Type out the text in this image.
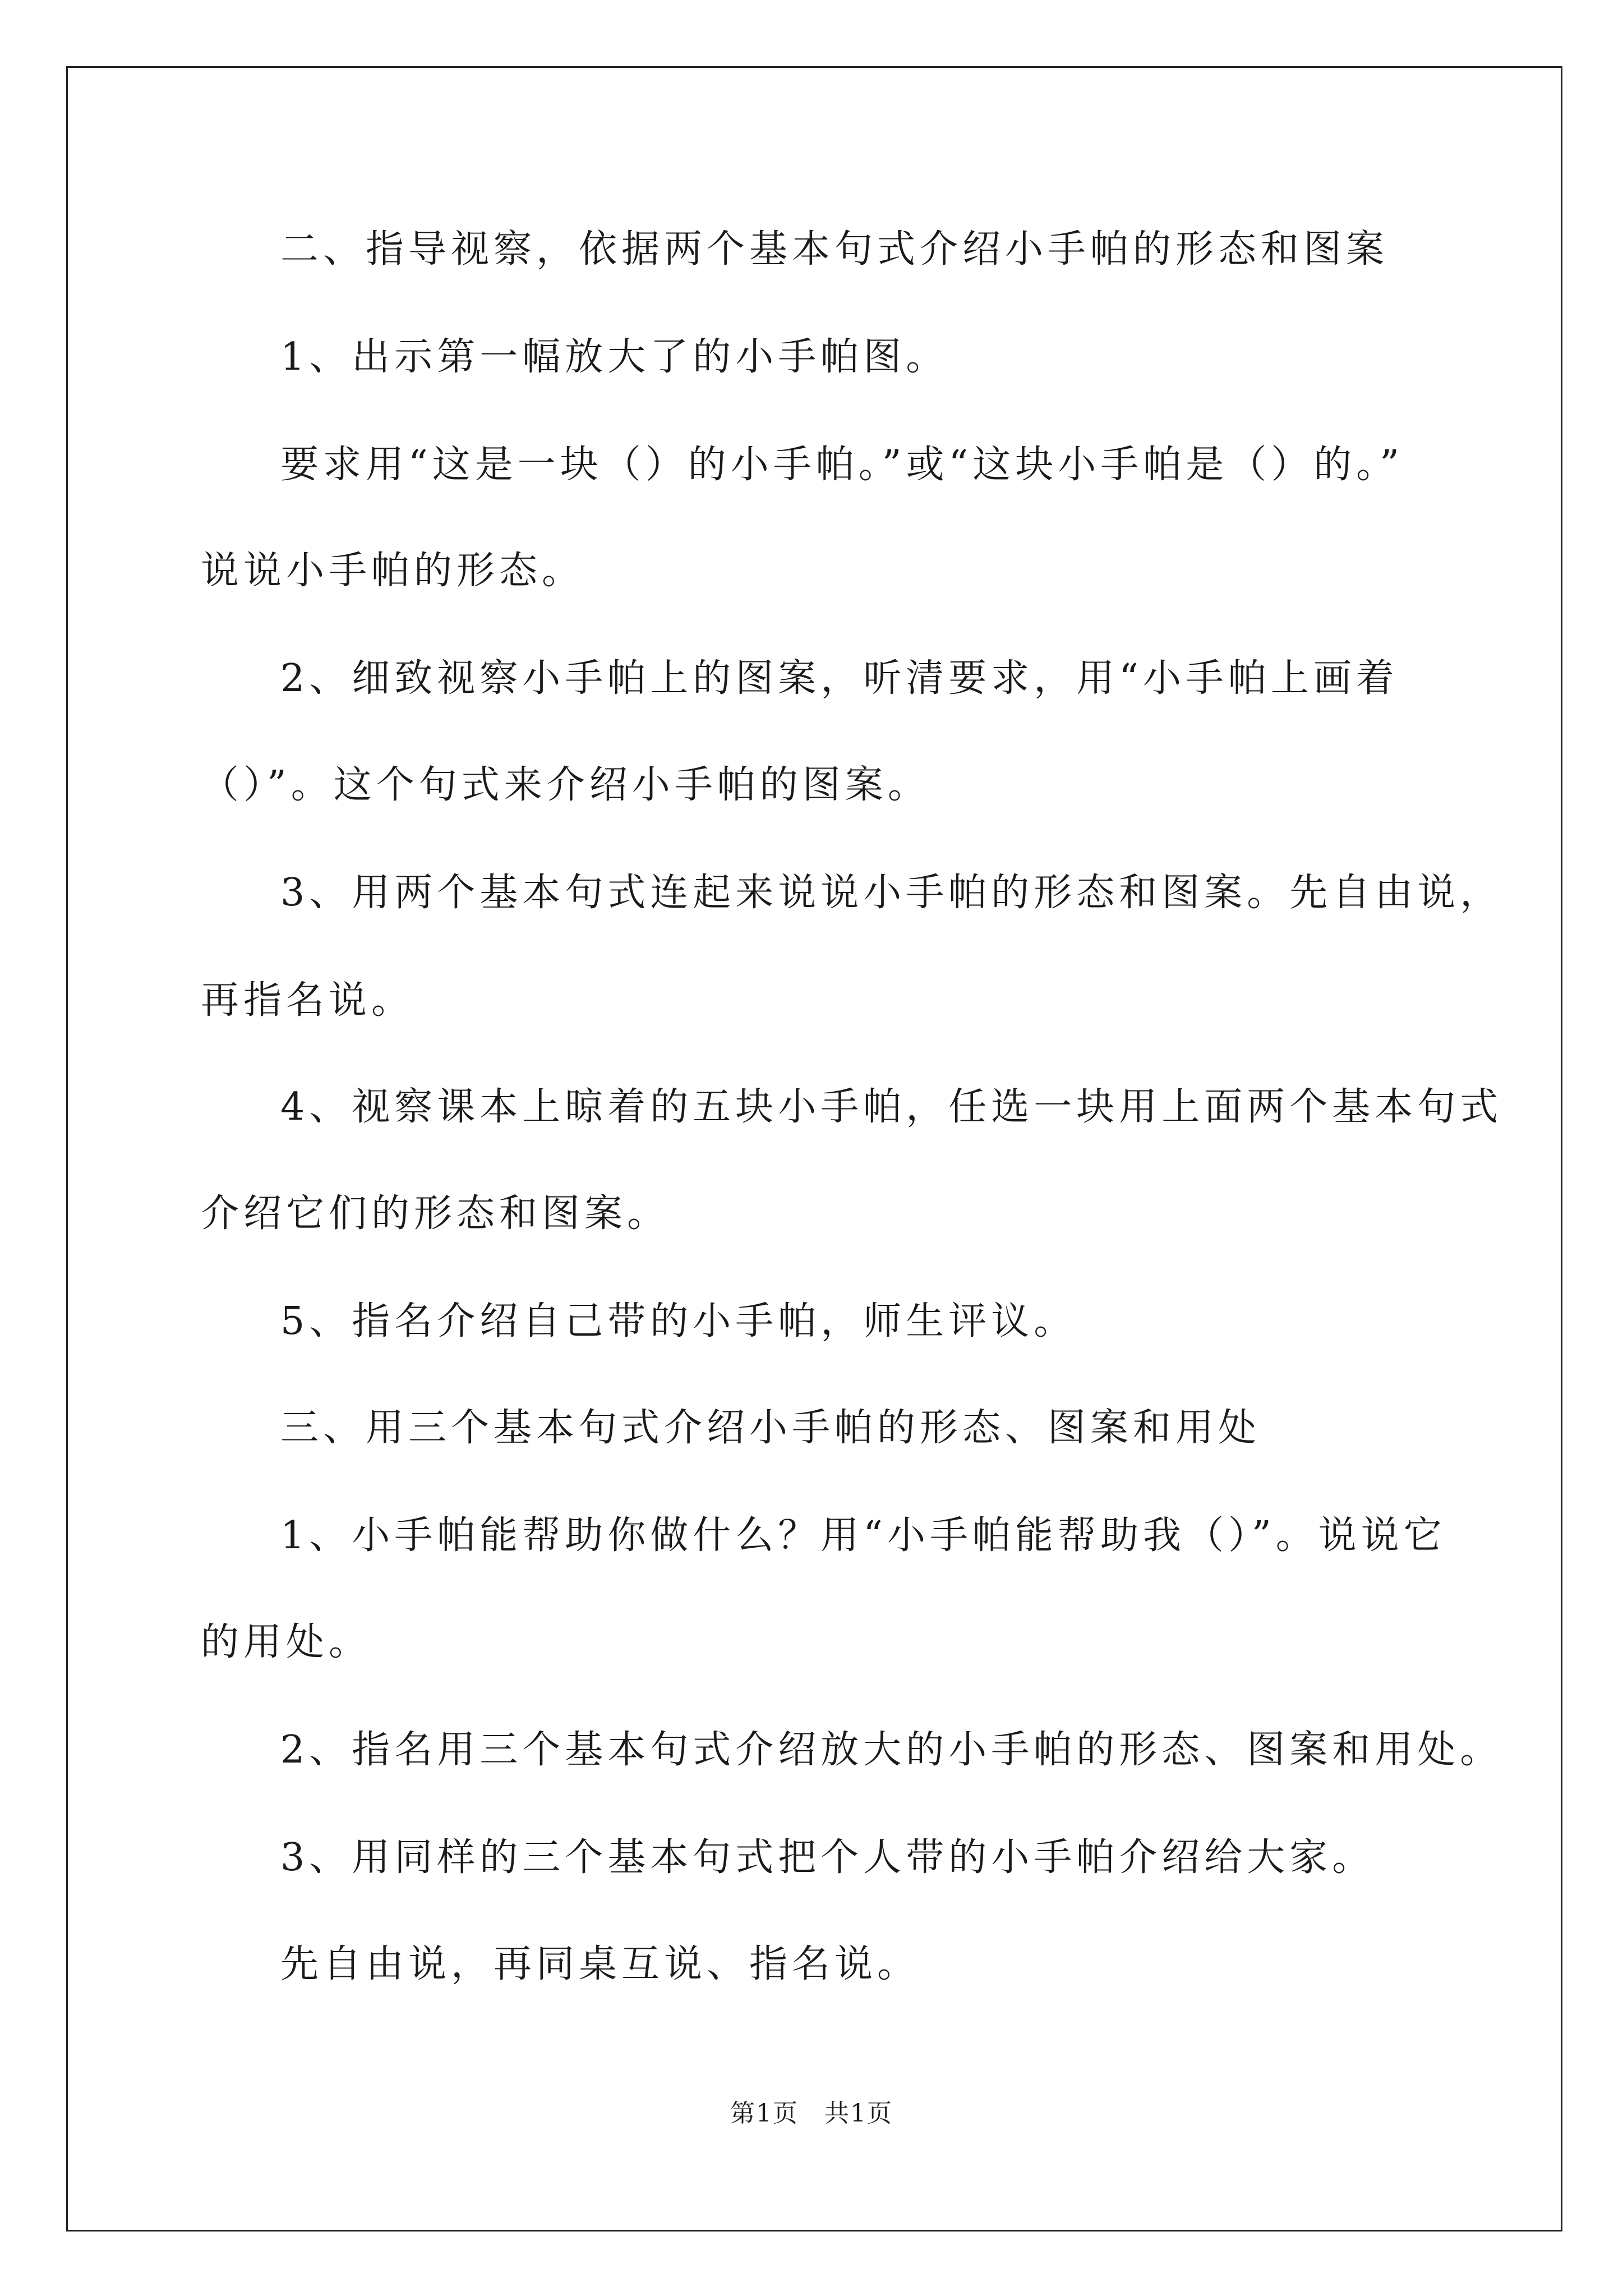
二、指导视察，依据两个基本句式介绍小手帕的形态和图案
1、出示第一幅放大了的小手帕图。
要求用“这是一块（）的小手帕。”或“这块小手帕是（）的。”
说说小手帕的形态。
2、细致视察小手帕上的图案，听清要求，用“小手帕上画着
（）”。这个句式来介绍小手帕的图案。
3、用两个基本句式连起来说说小手帕的形态和图案。先自由说，
再指名说。
4、视察课本上晾着的五块小手帕，任选一块用上面两个基本句式
介绍它们的形态和图案。
5、指名介绍自己带的小手帕，师生评议。
三、用三个基本句式介绍小手帕的形态、图案和用处
1、小手帕能帮助你做什么？用“小手帕能帮助我（）”。说说它
的用处。
2、指名用三个基本句式介绍放大的小手帕的形态、图案和用处。
3、用同样的三个基本句式把个人带的小手帕介绍给大家。
先自由说，再同桌互说、指名说。
第1页　共1页
